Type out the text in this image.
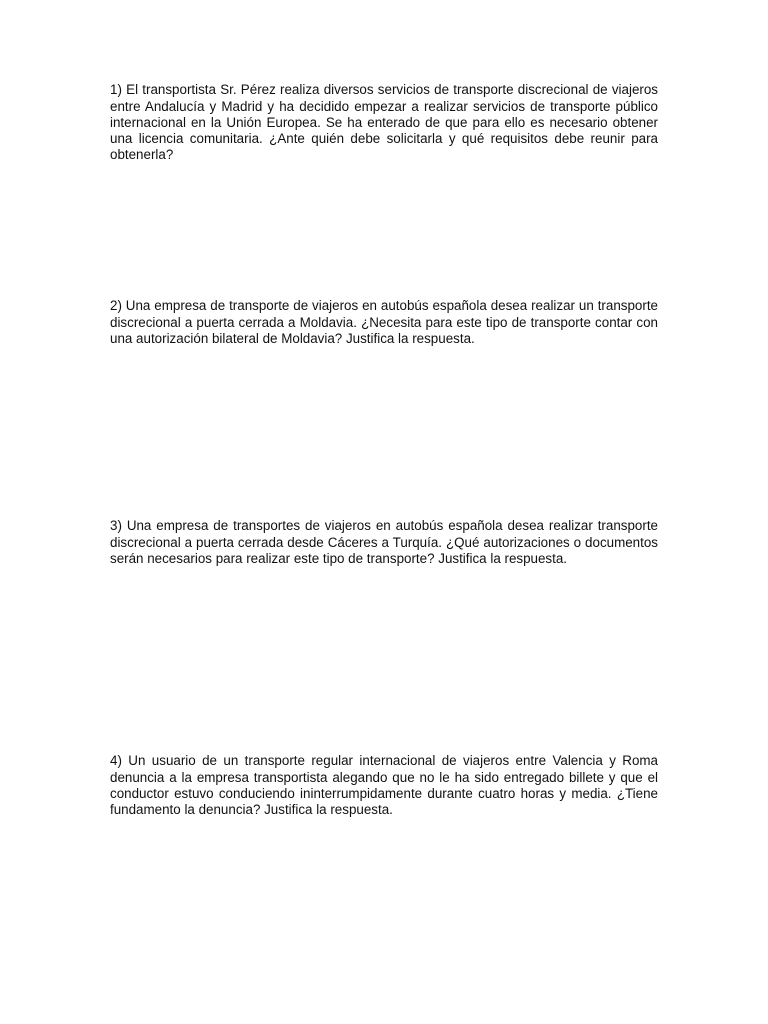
1) El transportista Sr. Pérez realiza diversos servicios de transporte discrecional de viajeros entre Andalucía y Madrid y ha decidido empezar a realizar servicios de transporte público internacional en la Unión Europea. Se ha enterado de que para ello es necesario obtener una licencia comunitaria. ¿Ante quién debe solicitarla y qué requisitos debe reunir para obtenerla?

2) Una empresa de transporte de viajeros en autobús española desea realizar un transporte discrecional a puerta cerrada a Moldavia. ¿Necesita para este tipo de transporte contar con una autorización bilateral de Moldavia? Justifica la respuesta.

3) Una empresa de transportes de viajeros en autobús española desea realizar transporte discrecional a puerta cerrada desde Cáceres a Turquía. ¿Qué autorizaciones o documentos serán necesarios para realizar este tipo de transporte? Justifica la respuesta.

4) Un usuario de un transporte regular internacional de viajeros entre Valencia y Roma denuncia a la empresa transportista alegando que no le ha sido entregado billete y que el conductor estuvo conduciendo ininterrumpidamente durante cuatro horas y media. ¿Tiene fundamento la denuncia? Justifica la respuesta.
